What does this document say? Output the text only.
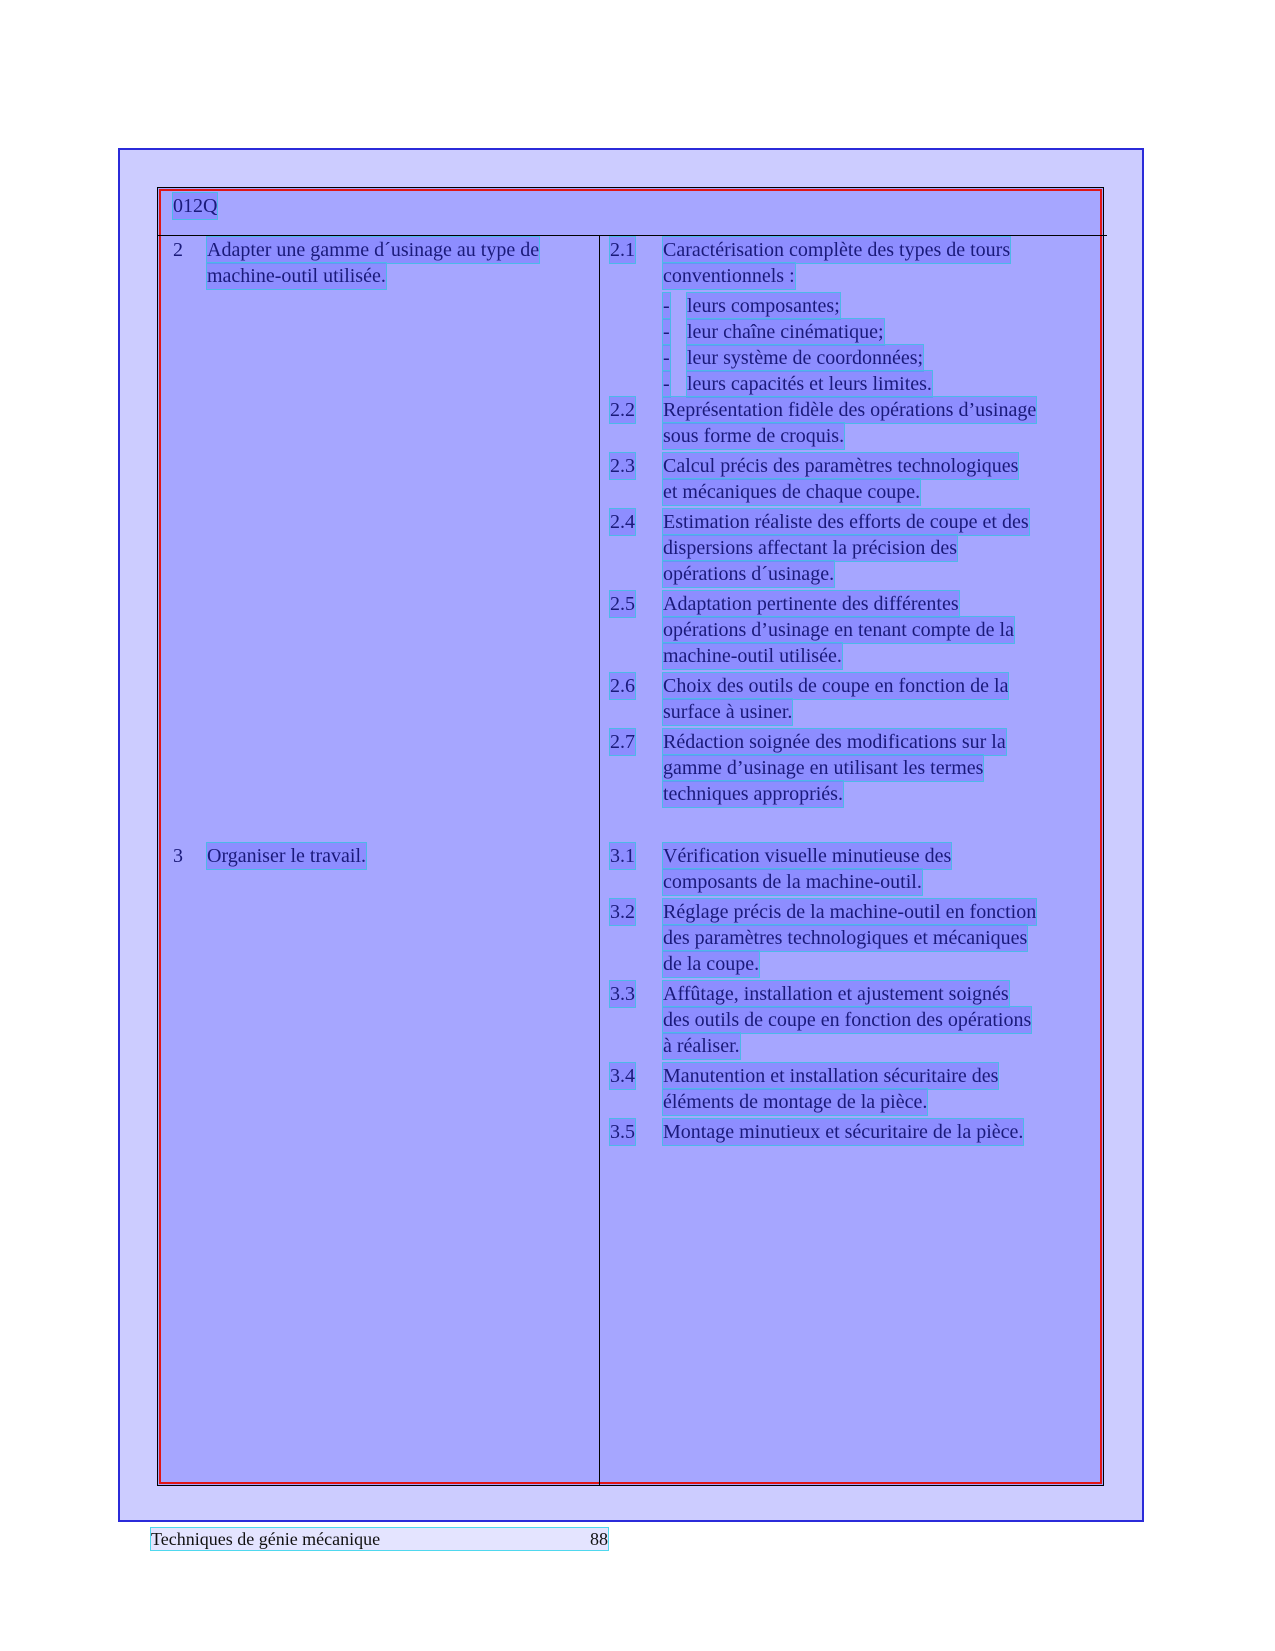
012Q
2 Adapter une gamme d´usinage au type de
machine-outil utilisée.
3 Organiser le travail.
2.1 Caractérisation complète des types de tours
conventionnels :
- leurs composantes;
- leur chaîne cinématique;
- leur système de coordonnées;
- leurs capacités et leurs limites.
2.2 Représentation fidèle des opérations d’usinage
sous forme de croquis.
2.3 Calcul précis des paramètres technologiques
et mécaniques de chaque coupe.
2.4 Estimation réaliste des efforts de coupe et des
dispersions affectant la précision des
opérations d´usinage.
2.5 Adaptation pertinente des différentes
opérations d’usinage en tenant compte de la
machine-outil utilisée.
2.6 Choix des outils de coupe en fonction de la
surface à usiner.
2.7 Rédaction soignée des modifications sur la
gamme d’usinage en utilisant les termes
techniques appropriés.
3.1 Vérification visuelle minutieuse des
composants de la machine-outil.
3.2 Réglage précis de la machine-outil en fonction
des paramètres technologiques et mécaniques
de la coupe.
3.3 Affûtage, installation et ajustement soignés
des outils de coupe en fonction des opérations
à réaliser.
3.4 Manutention et installation sécuritaire des
éléments de montage de la pièce.
3.5 Montage minutieux et sécuritaire de la pièce.
Techniques de génie mécanique	88
